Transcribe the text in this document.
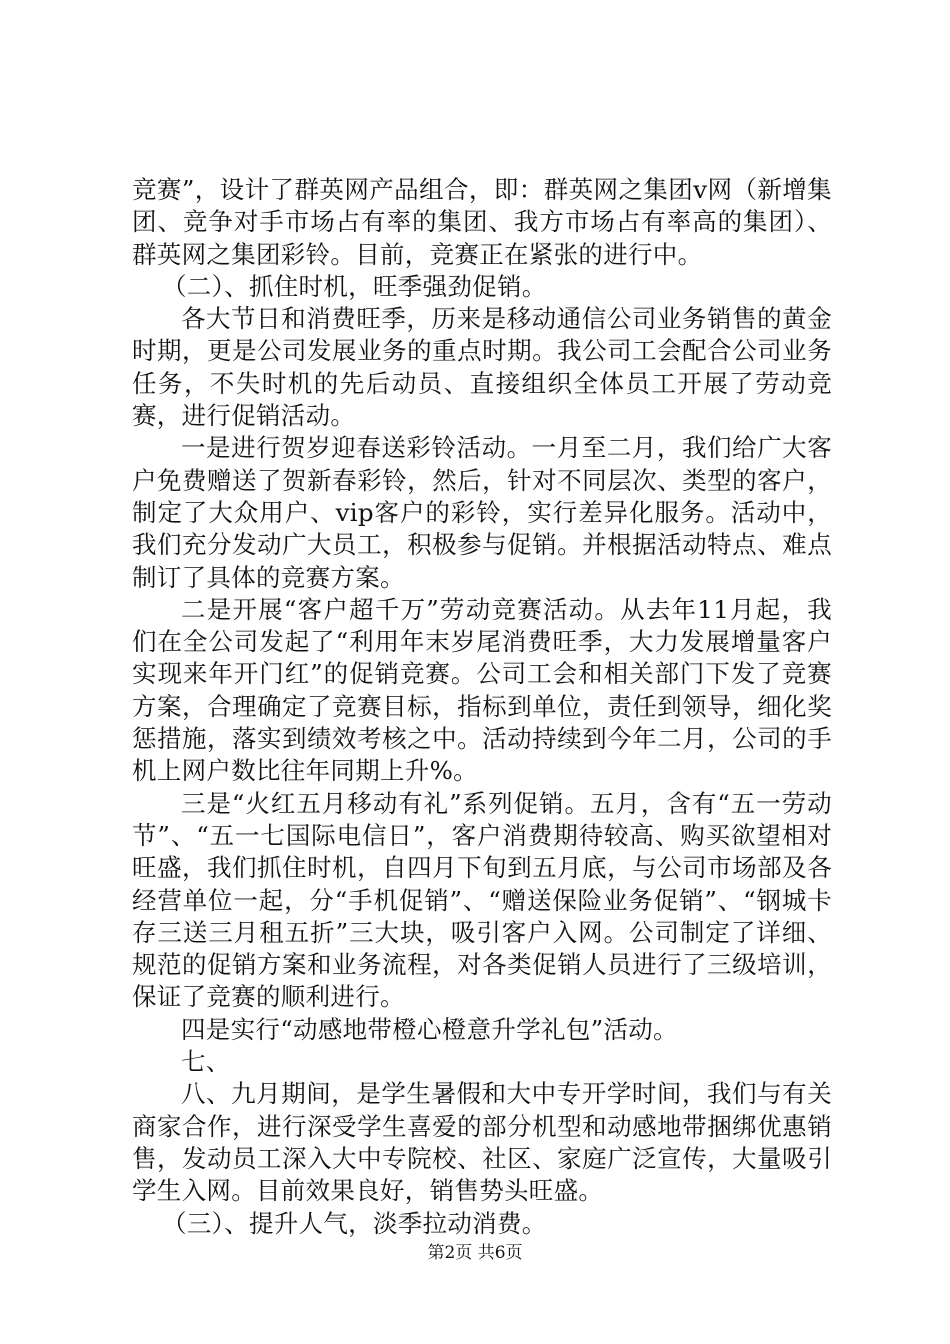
竞赛”，设计了群英网产品组合，即：群英网之集团v网（新增集团、竞争对手市场占有率的集团、我方市场占有率高的集团）、群英网之集团彩铃。目前，竞赛正在紧张的进行中。

（二）、抓住时机，旺季强劲促销。

各大节日和消费旺季，历来是移动通信公司业务销售的黄金时期，更是公司发展业务的重点时期。我公司工会配合公司业务任务，不失时机的先后动员、直接组织全体员工开展了劳动竞赛，进行促销活动。

一是进行贺岁迎春送彩铃活动。一月至二月，我们给广大客户免费赠送了贺新春彩铃，然后，针对不同层次、类型的客户，制定了大众用户、vip客户的彩铃，实行差异化服务。活动中，我们充分发动广大员工，积极参与促销。并根据活动特点、难点制订了具体的竞赛方案。

二是开展“客户超千万”劳动竞赛活动。从去年11月起，我们在全公司发起了“利用年末岁尾消费旺季，大力发展增量客户实现来年开门红”的促销竞赛。公司工会和相关部门下发了竞赛方案，合理确定了竞赛目标，指标到单位，责任到领导，细化奖惩措施，落实到绩效考核之中。活动持续到今年二月，公司的手机上网户数比往年同期上升%。

三是“火红五月移动有礼”系列促销。五月，含有“五一劳动节”、“五一七国际电信日”，客户消费期待较高、购买欲望相对旺盛，我们抓住时机，自四月下旬到五月底，与公司市场部及各经营单位一起，分“手机促销”、“赠送保险业务促销”、“钢城卡存三送三月租五折”三大块，吸引客户入网。公司制定了详细、规范的促销方案和业务流程，对各类促销人员进行了三级培训，保证了竞赛的顺利进行。

四是实行“动感地带橙心橙意升学礼包”活动。

七、

八、九月期间，是学生暑假和大中专开学时间，我们与有关商家合作，进行深受学生喜爱的部分机型和动感地带捆绑优惠销售，发动员工深入大中专院校、社区、家庭广泛宣传，大量吸引学生入网。目前效果良好，销售势头旺盛。

（三）、提升人气，淡季拉动消费。

第2页 共6页
